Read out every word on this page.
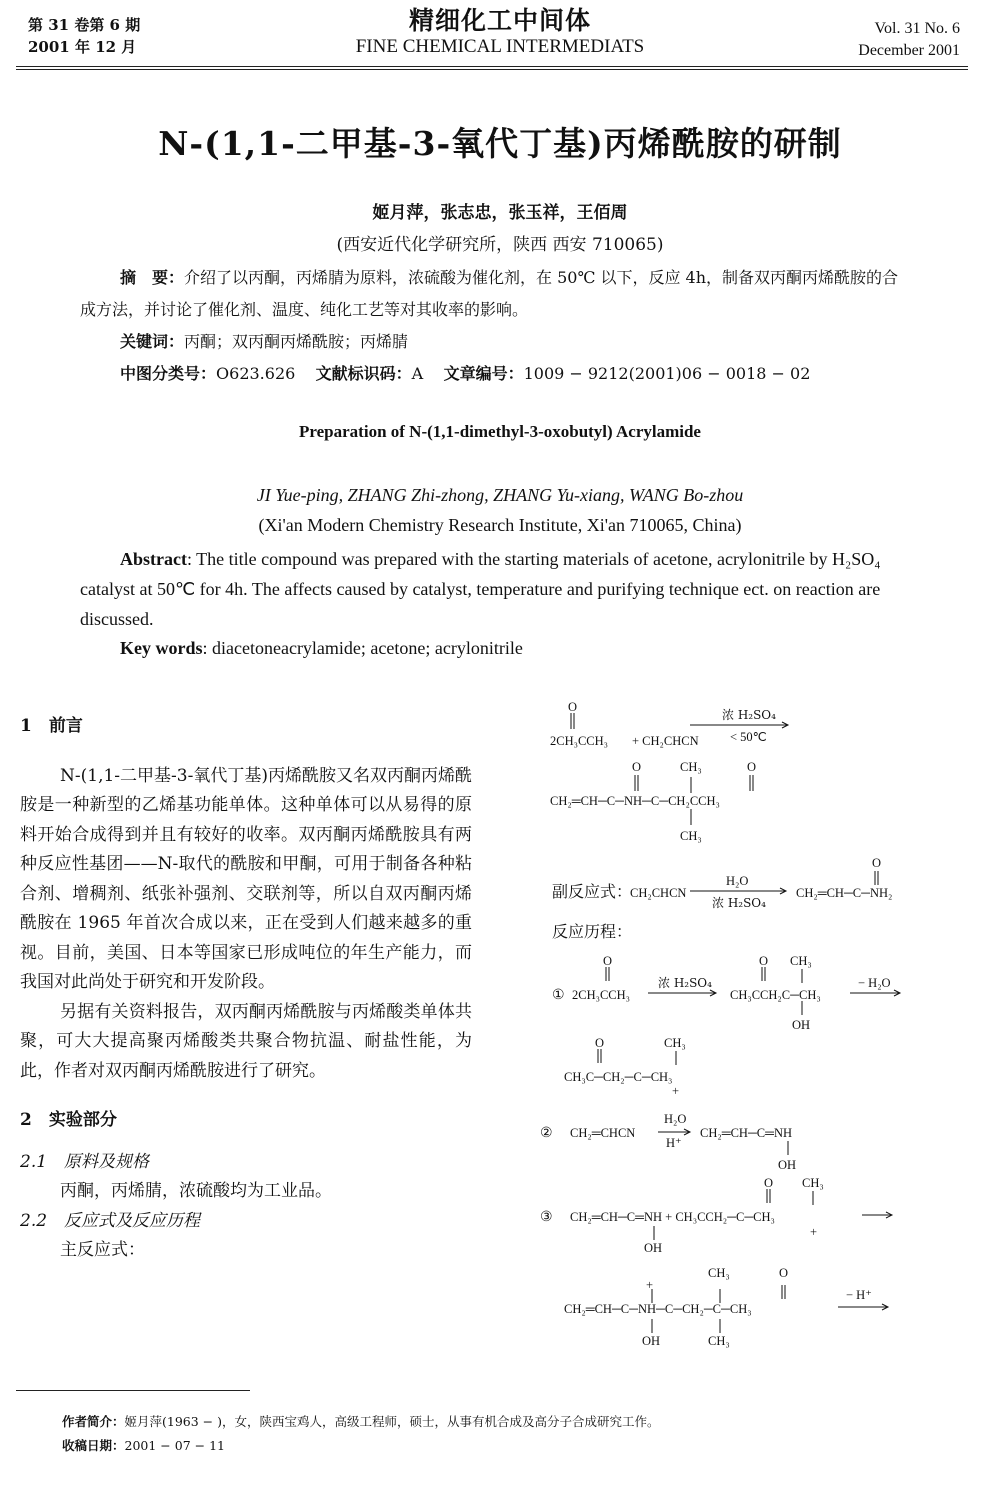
第 31 卷第 6 期
2001 年 12 月
精细化工中间体
FINE CHEMICAL INTERMEDIATS
Vol. 31 No. 6
December 2001
N-(1,1-二甲基-3-氧代丁基)丙烯酰胺的研制
姬月萍，张志忠，张玉祥，王佰周
(西安近代化学研究所，陕西 西安 710065)
摘　要：介绍了以丙酮，丙烯腈为原料，浓硫酸为催化剂，在 50℃ 以下，反应 4h，制备双丙酮丙烯酰胺的合成方法，并讨论了催化剂、温度、纯化工艺等对其收率的影响。
关键词：丙酮；双丙酮丙烯酰胺；丙烯腈
中图分类号：O623.626 文献标识码：A 文章编号：1009 − 9212(2001)06 − 0018 − 02
Preparation of N-(1,1-dimethyl-3-oxobutyl) Acrylamide
JI Yue-ping, ZHANG Zhi-zhong, ZHANG Yu-xiang, WANG Bo-zhou
(Xi'an Modern Chemistry Research Institute, Xi'an 710065, China)
Abstract: The title compound was prepared with the starting materials of acetone, acrylonitrile by H₂SO₄ catalyst at 50℃ for 4h. The affects caused by catalyst, temperature and purifying technique ect. on reaction are discussed.
Key words: diacetoneacrylamide; acetone; acrylonitrile
1　前言

N-(1,1-二甲基-3-氧代丁基)丙烯酰胺又名双丙酮丙烯酰胺是一种新型的乙烯基功能单体。这种单体可以从易得的原料开始合成得到并且有较好的收率。双丙酮丙烯酰胺具有两种反应性基团——N-取代的酰胺和甲酮，可用于制备各种粘合剂、增稠剂、纸张补强剂、交联剂等，所以自双丙酮丙烯酰胺在 1965 年首次合成以来，正在受到人们越来越多的重视。目前，美国、日本等国家已形成吨位的年生产能力，而我国对此尚处于研究和开发阶段。

另据有关资料报告，双丙酮丙烯酰胺与丙烯酸类单体共聚，可大大提高聚丙烯酸类共聚合物抗温、耐盐性能，为此，作者对双丙酮丙烯酰胺进行了研究。

2　实验部分
2.1　原料及规格
丙酮，丙烯腈，浓硫酸均为工业品。
2.2　反应式及反应历程
主反应式：
O
2CH₃CCH₃ + CH₂CHCN
浓 H₂SO₄
< 50℃
O	CH₃	O
CH₂═CH─C─NH─C─CH₂CCH₃
CH₃
副反应式：
CH₂CHCN
H₂O
浓 H₂SO₄
O
CH₂═CH─C─NH₂
反应历程：
O
① 2CH₃CCH₃
浓 H₂SO₄
O CH₃
CH₃CCH₂C─CH₃
OH
− H₂O
O	CH₃
CH₃C─CH₂─C─CH₃
+
② CH₂═CHCN
H₂O
H⁺
CH₂═CH─C═NH
OH
O CH₃
③ CH₂═CH─C═NH + CH₃CCH₂─C─CH₃
+
OH
CH₃	O
+
CH₂═CH─C─NH─C─CH₂─C─CH₃
− H⁺
OH	CH₃
作者简介：姬月萍(1963 − )，女，陕西宝鸡人，高级工程师，硕士，从事有机合成及高分子合成研究工作。
收稿日期：2001 − 07 − 11
